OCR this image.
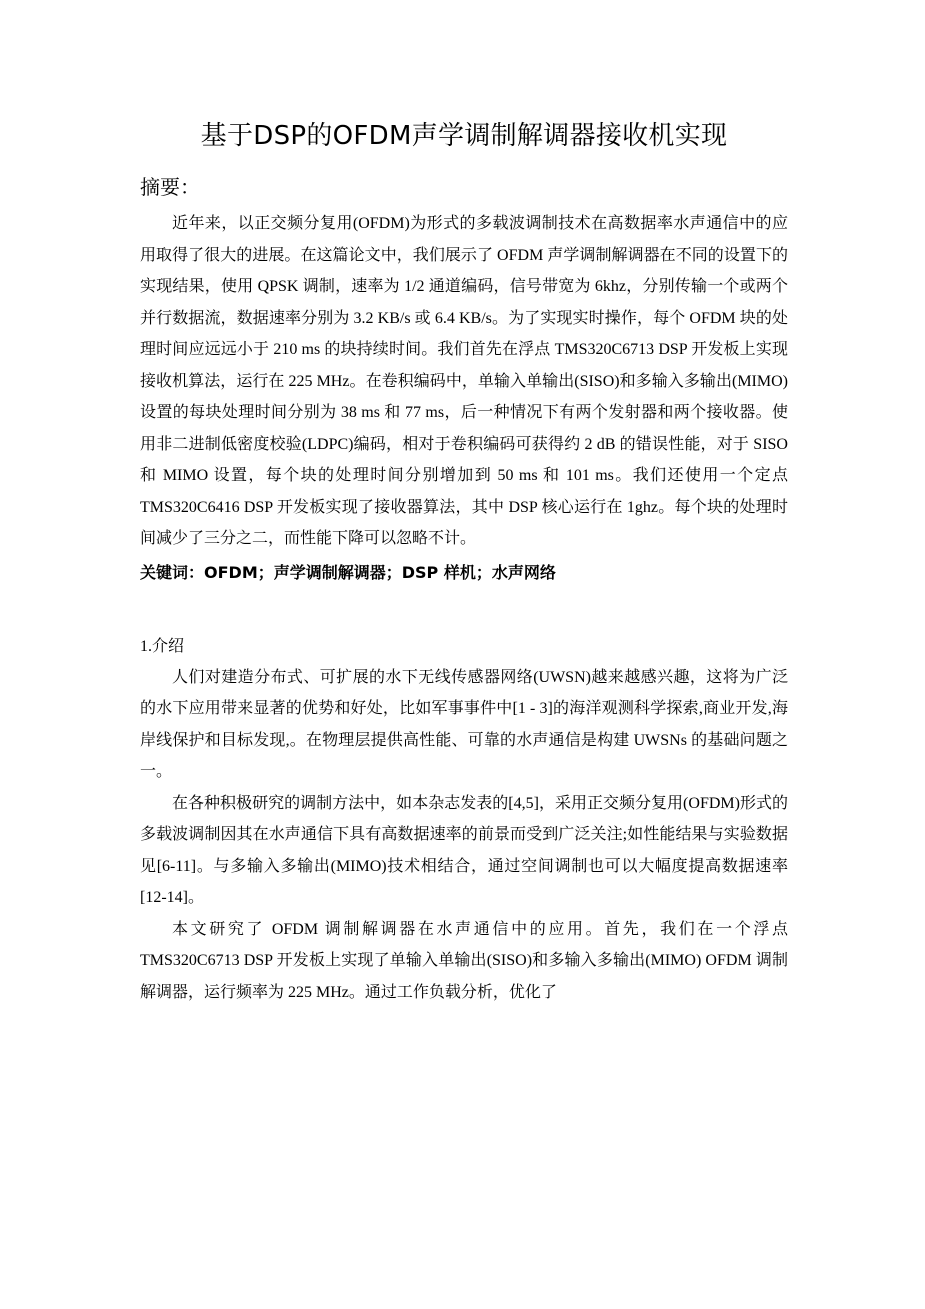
基于DSP的OFDM声学调制解调器接收机实现
摘要：

近年来，以正交频分复用(OFDM)为形式的多载波调制技术在高数据率水声通信中的应用取得了很大的进展。在这篇论文中，我们展示了 OFDM 声学调制解调器在不同的设置下的实现结果，使用 QPSK 调制，速率为 1/2 通道编码，信号带宽为 6khz，分别传输一个或两个并行数据流，数据速率分别为 3.2 KB/s 或 6.4 KB/s。为了实现实时操作，每个 OFDM 块的处理时间应远远小于 210 ms 的块持续时间。我们首先在浮点 TMS320C6713 DSP 开发板上实现接收机算法，运行在 225 MHz。在卷积编码中，单输入单输出(SISO)和多输入多输出(MIMO)设置的每块处理时间分别为 38 ms 和 77 ms，后一种情况下有两个发射器和两个接收器。使用非二进制低密度校验(LDPC)编码，相对于卷积编码可获得约 2 dB 的错误性能，对于 SISO 和 MIMO 设置，每个块的处理时间分别增加到 50 ms 和 101 ms。我们还使用一个定点 TMS320C6416 DSP 开发板实现了接收器算法，其中 DSP 核心运行在 1ghz。每个块的处理时间减少了三分之二，而性能下降可以忽略不计。

关键词：OFDM；声学调制解调器；DSP 样机；水声网络
1.介绍

人们对建造分布式、可扩展的水下无线传感器网络(UWSN)越来越感兴趣，这将为广泛的水下应用带来显著的优势和好处，比如军事事件中[1 - 3]的海洋观测科学探索,商业开发,海岸线保护和目标发现,。在物理层提供高性能、可靠的水声通信是构建 UWSNs 的基础问题之一。

在各种积极研究的调制方法中，如本杂志发表的[4,5]，采用正交频分复用(OFDM)形式的多载波调制因其在水声通信下具有高数据速率的前景而受到广泛关注;如性能结果与实验数据见[6-11]。与多输入多输出(MIMO)技术相结合，通过空间调制也可以大幅度提高数据速率[12-14]。

本文研究了 OFDM 调制解调器在水声通信中的应用。首先，我们在一个浮点 TMS320C6713 DSP 开发板上实现了单输入单输出(SISO)和多输入多输出(MIMO) OFDM 调制解调器，运行频率为 225 MHz。通过工作负载分析，优化了
